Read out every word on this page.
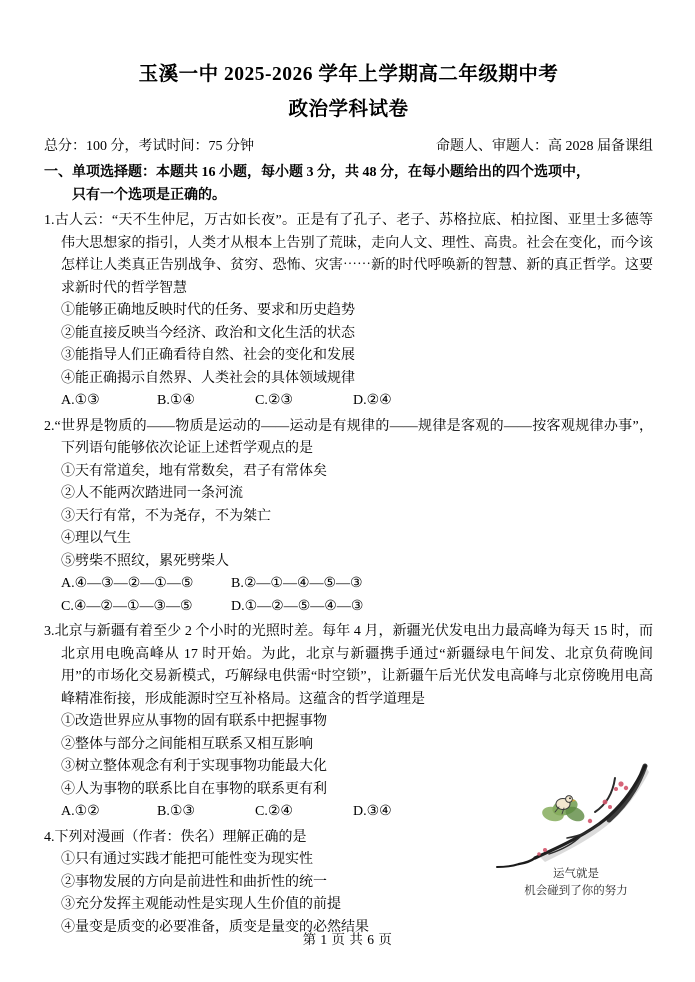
玉溪一中 2025-2026 学年上学期高二年级期中考
政治学科试卷
总分：100 分，考试时间：75 分钟	命题人、审题人：高 2028 届备课组
一、单项选择题：本题共 16 小题，每小题 3 分，共 48 分，在每小题给出的四个选项中，
只有一个选项是正确的。
1.古人云：“天不生仲尼，万古如长夜”。正是有了孔子、老子、苏格拉底、柏拉图、亚里士多德等伟大思想家的指引，人类才从根本上告别了荒昧，走向人文、理性、高贵。社会在变化，而今该怎样让人类真正告别战争、贫穷、恐怖、灾害⋯⋯新的时代呼唤新的智慧、新的真正哲学。这要求新时代的哲学智慧
①能够正确地反映时代的任务、要求和历史趋势
②能直接反映当今经济、政治和文化生活的状态
③能指导人们正确看待自然、社会的变化和发展
④能正确揭示自然界、人类社会的具体领域规律
A.①③	B.①④	C.②③	D.②④
2.“世界是物质的——物质是运动的——运动是有规律的——规律是客观的——按客观规律办事”，下列语句能够依次论证上述哲学观点的是
①天有常道矣，地有常数矣，君子有常体矣
②人不能两次踏进同一条河流
③天行有常，不为尧存，不为桀亡
④理以气生
⑤劈柴不照纹，累死劈柴人
A.④—③—②—①—⑤	B.②—①—④—⑤—③
C.④—②—①—③—⑤	D.①—②—⑤—④—③
3.北京与新疆有着至少 2 个小时的光照时差。每年 4 月，新疆光伏发电出力最高峰为每天 15 时，而北京用电晚高峰从 17 时开始。为此，北京与新疆携手通过“新疆绿电午间发、北京负荷晚间用”的市场化交易新模式，巧解绿电供需“时空锁”，让新疆午后光伏发电高峰与北京傍晚用电高峰精准衔接，形成能源时空互补格局。这蕴含的哲学道理是
①改造世界应从事物的固有联系中把握事物
②整体与部分之间能相互联系又相互影响
③树立整体观念有利于实现事物功能最大化
④人为事物的联系比自在事物的联系更有利
A.①②	B.①③	C.②④	D.③④
4.下列对漫画（作者：佚名）理解正确的是
①只有通过实践才能把可能性变为现实性
②事物发展的方向是前进性和曲折性的统一
③充分发挥主观能动性是实现人生价值的前提
④量变是质变的必要准备，质变是量变的必然结果
运气就是
机会碰到了你的努力
第 1 页 共 6 页
